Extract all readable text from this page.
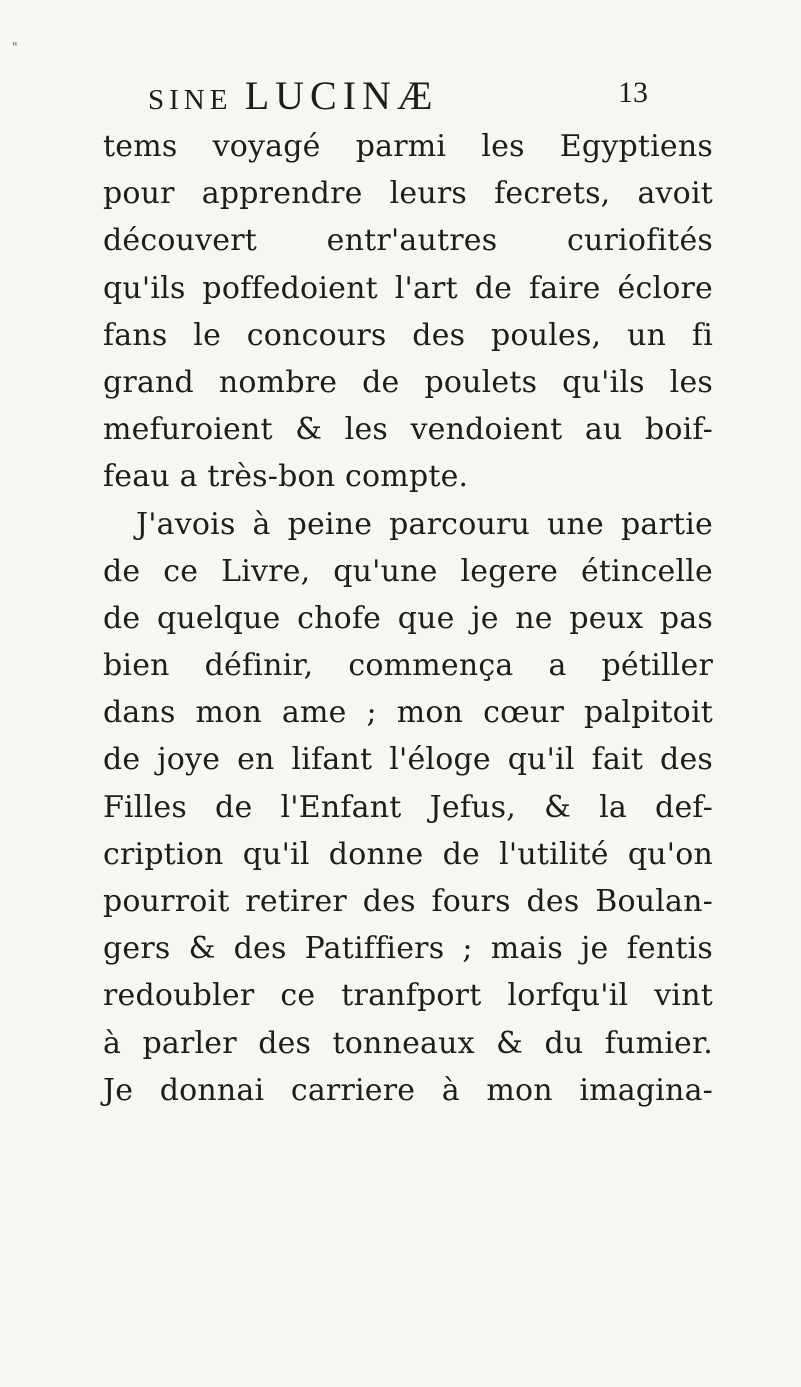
"
SINE LUCINÆ	13
tems voyagé parmi les Egyptiens
pour apprendre leurs fecrets, avoit
découvert entr'autres curiofités
qu'ils poffedoient l'art de faire éclore
fans le concours des poules, un fi
grand nombre de poulets qu'ils les
mefuroient & les vendoient au boif-
feau a très-bon compte.
J'avois à peine parcouru une partie
de ce Livre, qu'une legere étincelle
de quelque chofe que je ne peux pas
bien définir, commença a pétiller
dans mon ame ; mon cœur palpitoit
de joye en lifant l'éloge qu'il fait des
Filles de l'Enfant Jefus, & la def-
cription qu'il donne de l'utilité qu'on
pourroit retirer des fours des Boulan-
gers & des Patiffiers ; mais je fentis
redoubler ce tranfport lorfqu'il vint
à parler des tonneaux & du fumier.
Je donnai carriere à mon imagina-
